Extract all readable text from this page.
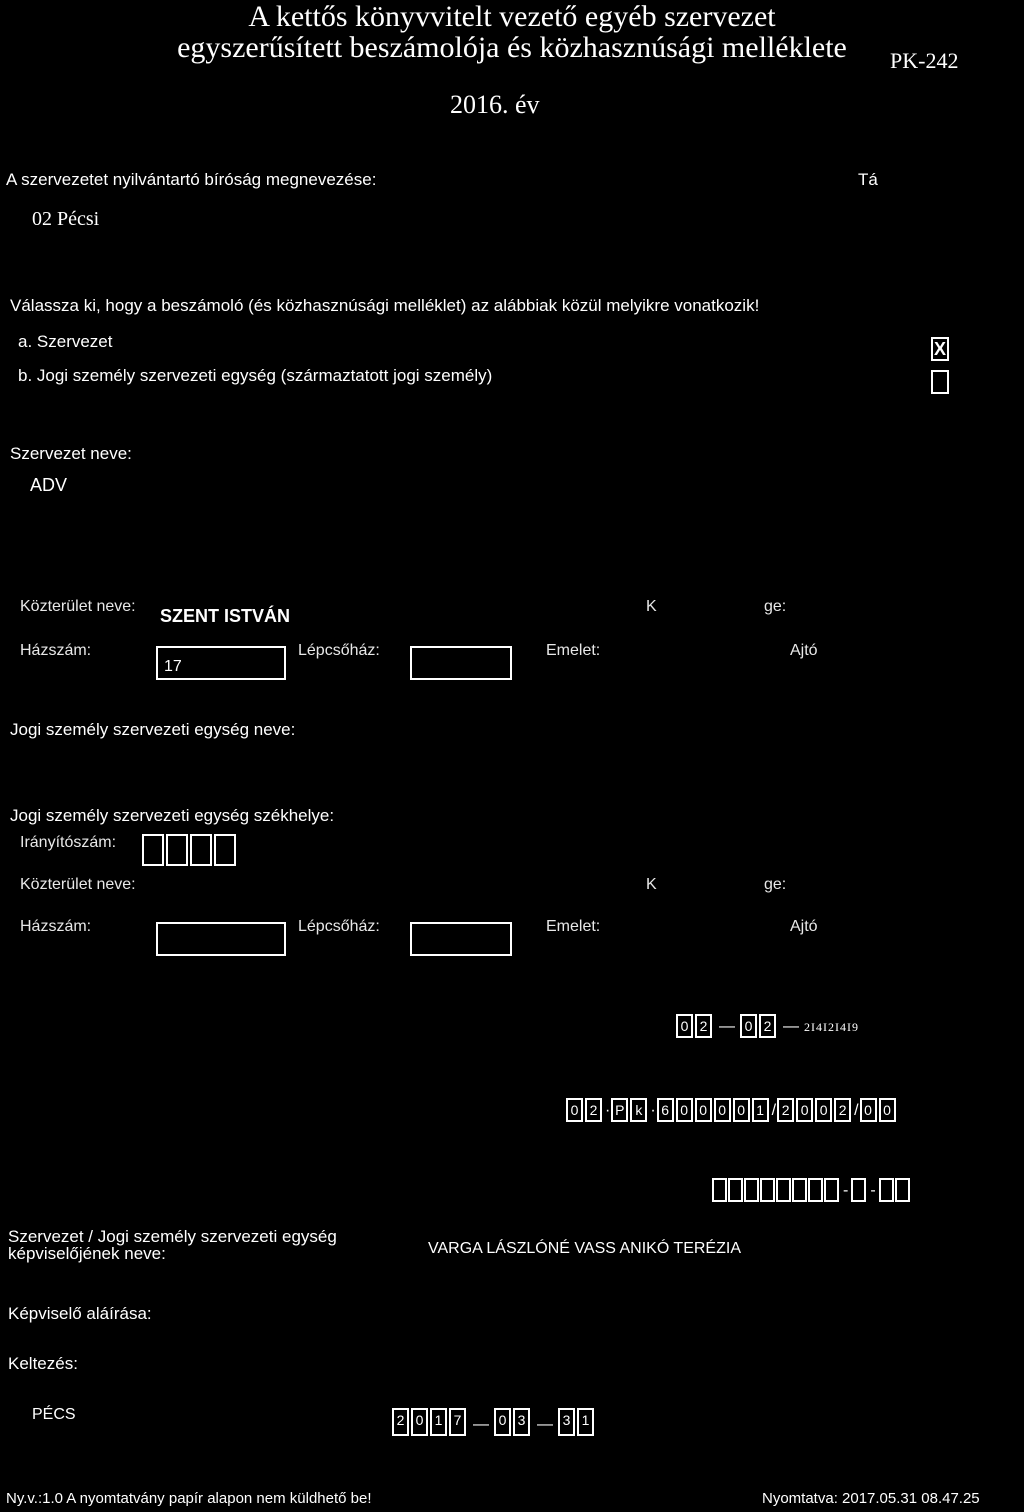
A kettős könyvvitelt vezető egyéb szervezet
egyszerűsített beszámolója és közhasznúsági melléklete	PK-242
2016. év
A szervezetet nyilvántartó bíróság megnevezése:	Tá
02 Pécsi
Válassza ki, hogy a beszámoló (és közhasznúsági melléklet) az alábbiak közül melyikre vonatkozik!
a. Szervezet	X
b. Jogi személy szervezeti egység (származtatott jogi személy)
Szervezet neve:
ADV
Közterület neve: SZENT ISTVÁN	K	ge:
Házszám:
17
Lépcsőház:	Emelet:	Ajtó
Jogi személy szervezeti egység neve:
Jogi személy szervezeti egység székhelye:
Irányítószám:
Közterület neve:	K	ge:
Házszám:	Lépcsőház:	Emelet:	Ajtó
0 2 — 0 2 — 2I4I2I4I9
0 2 · P k · 6 0 0 0 0 1 / 2 0 0 2 / 0 0
- -
Szervezet / Jogi személy szervezeti egység
képviselőjének neve:	VARGA LÁSZLÓNÉ VASS ANIKÓ TERÉZIA
Képviselő aláírása:
Keltezés:
PÉCS	2 0 1 7 — 0 3 — 3 1
Ny.v.:1.0 A nyomtatvány papír alapon nem küldhető be!	Nyomtatva: 2017.05.31 08.47.25
